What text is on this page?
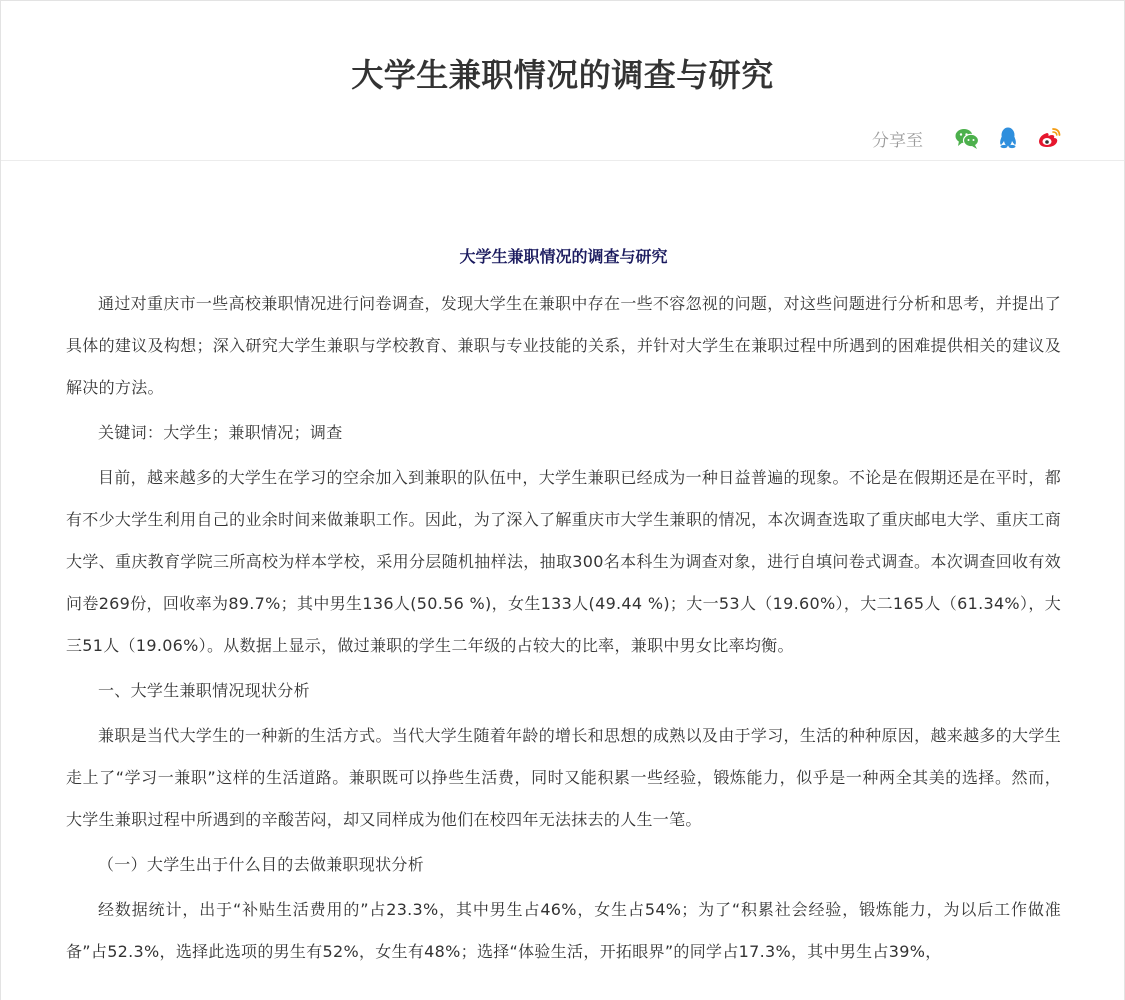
大学生兼职情况的调查与研究
分享至
大学生兼职情况的调查与研究

通过对重庆市一些高校兼职情况进行问卷调查，发现大学生在兼职中存在一些不容忽视的问题，对这些问题进行分析和思考，并提出了具体的建议及构想；深入研究大学生兼职与学校教育、兼职与专业技能的关系，并针对大学生在兼职过程中所遇到的困难提供相关的建议及解决的方法。

关键词：大学生；兼职情况；调查

目前，越来越多的大学生在学习的空余加入到兼职的队伍中，大学生兼职已经成为一种日益普遍的现象。不论是在假期还是在平时，都有不少大学生利用自己的业余时间来做兼职工作。因此，为了深入了解重庆市大学生兼职的情况，本次调查选取了重庆邮电大学、重庆工商大学、重庆教育学院三所高校为样本学校，采用分层随机抽样法，抽取300名本科生为调查对象，进行自填问卷式调查。本次调查回收有效问卷269份，回收率为89.7%；其中男生136人(50.56 %)，女生133人(49.44 %)；大一53人（19.60%），大二165人（61.34%），大三51人（19.06%）。从数据上显示，做过兼职的学生二年级的占较大的比率，兼职中男女比率均衡。

一、大学生兼职情况现状分析

兼职是当代大学生的一种新的生活方式。当代大学生随着年龄的增长和思想的成熟以及由于学习，生活的种种原因，越来越多的大学生走上了“学习一兼职”这样的生活道路。兼职既可以挣些生活费，同时又能积累一些经验，锻炼能力，似乎是一种两全其美的选择。然而，大学生兼职过程中所遇到的辛酸苦闷，却又同样成为他们在校四年无法抹去的人生一笔。

（一）大学生出于什么目的去做兼职现状分析

经数据统计，出于“补贴生活费用的”占23.3%，其中男生占46%，女生占54%；为了“积累社会经验，锻炼能力，为以后工作做准备”占52.3%，选择此选项的男生有52%，女生有48%；选择“体验生活，开拓眼界”的同学占17.3%，其中男生占39%，
